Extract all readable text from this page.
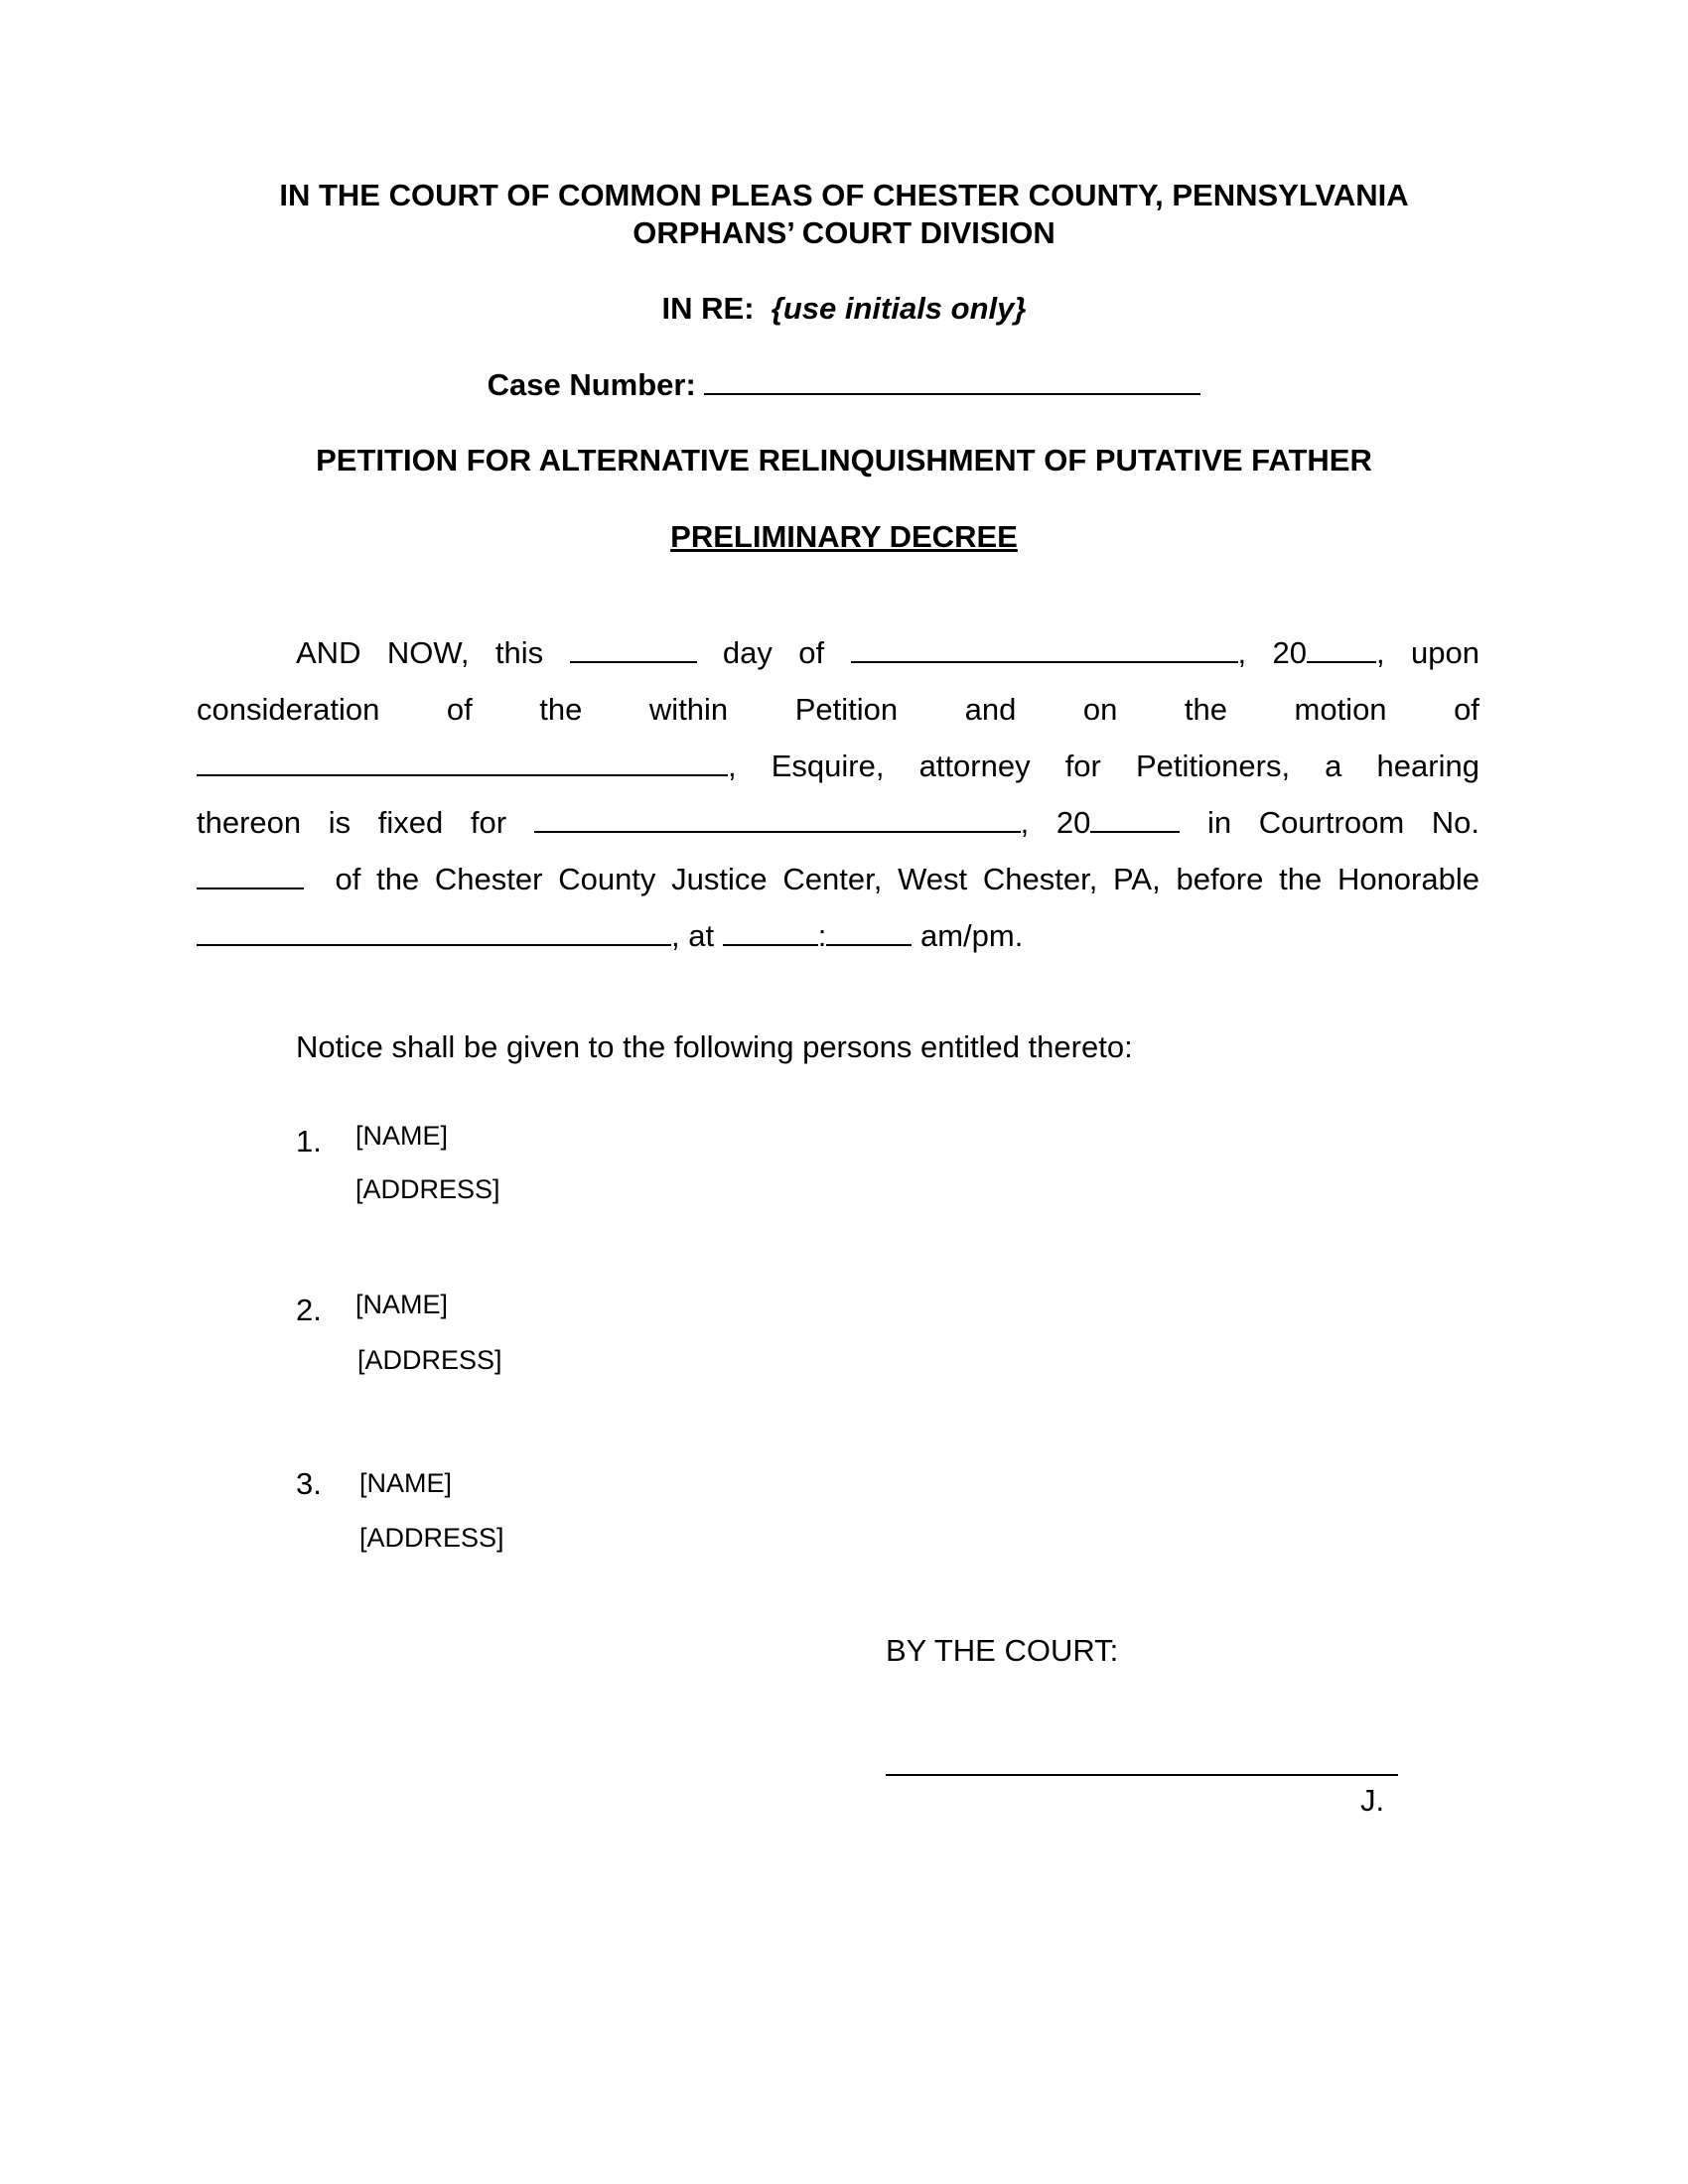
IN THE COURT OF COMMON PLEAS OF CHESTER COUNTY, PENNSYLVANIA
ORPHANS’ COURT DIVISION
IN RE: {use initials only}
Case Number:
PETITION FOR ALTERNATIVE RELINQUISHMENT OF PUTATIVE FATHER
PRELIMINARY DECREE
AND NOW, this	day of	, 20 , upon
consideration of the within Petition and on the motion of
, Esquire, attorney for Petitioners, a hearing
thereon is fixed for	, 20	in Courtroom No.
of the Chester County Justice Center, West Chester, PA, before the Honorable
, at	:	am/pm.
Notice shall be given to the following persons entitled thereto:
1. [NAME]
[ADDRESS]
2. [NAME]
[ADDRESS]
3. [NAME]
[ADDRESS]
BY THE COURT:
J.
